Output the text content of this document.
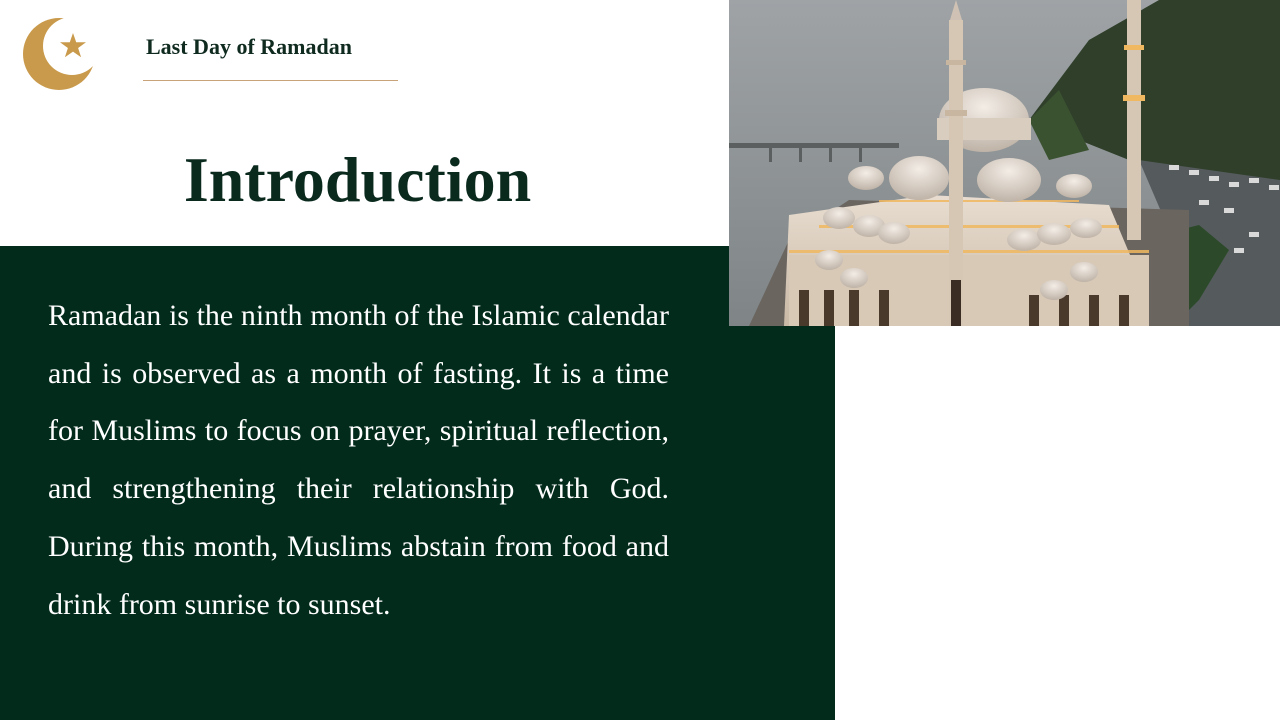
Last Day of Ramadan
Introduction

Ramadan is the ninth month of the Islamic calendar and is observed as a month of fasting. It is a time for Muslims to focus on prayer, spiritual reflection, and strengthening their relationship with God. During this month, Muslims abstain from food and drink from sunrise to sunset.
